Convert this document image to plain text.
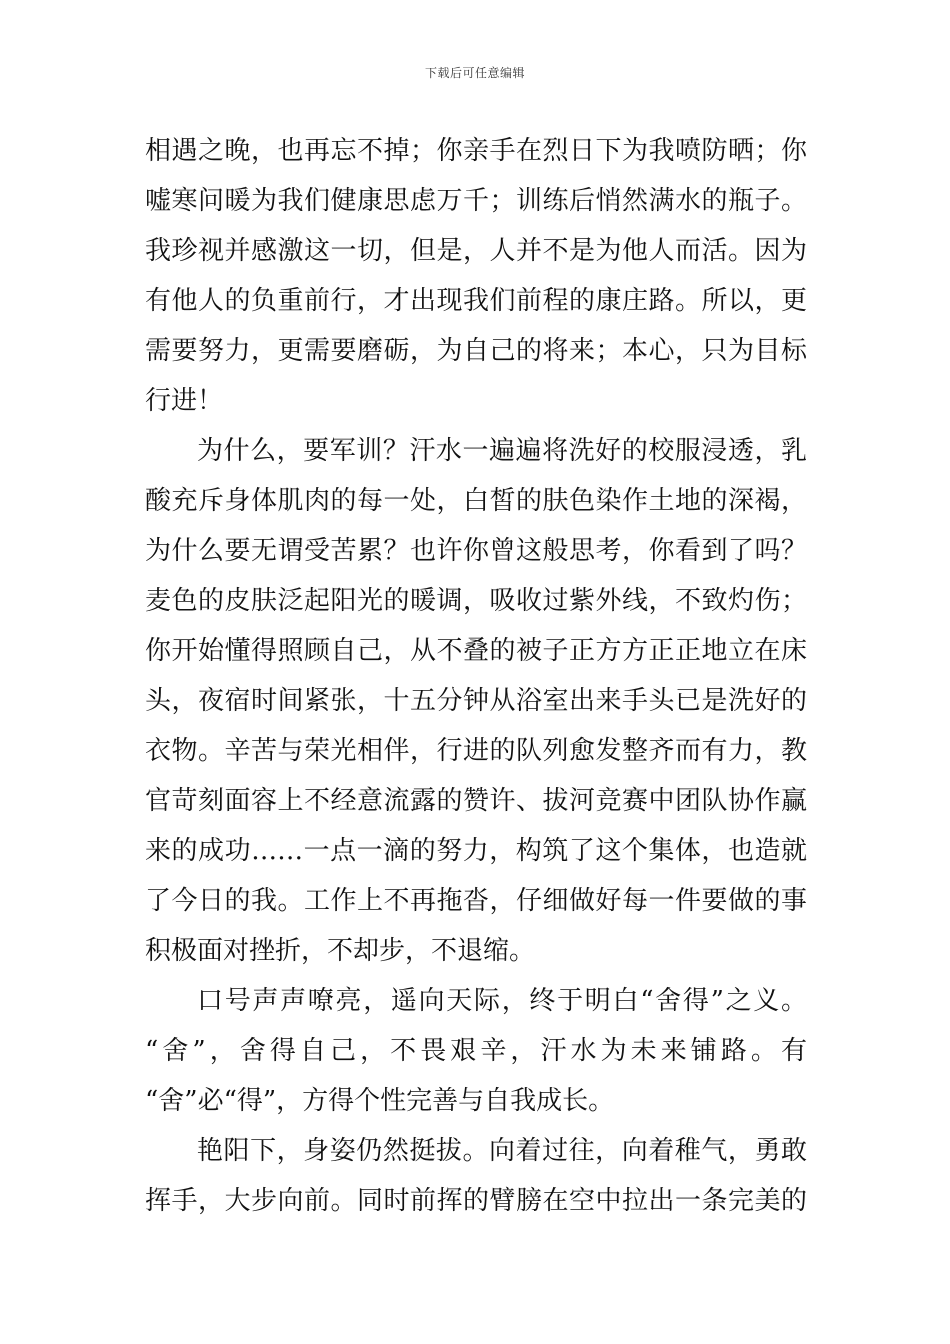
下载后可任意编辑
相遇之晚，也再忘不掉；你亲手在烈日下为我喷防晒；你
嘘寒问暖为我们健康思虑万千；训练后悄然满水的瓶子。
我珍视并感激这一切，但是，人并不是为他人而活。因为
有他人的负重前行，才出现我们前程的康庄路。所以，更
需要努力，更需要磨砺，为自己的将来；本心，只为目标
行进！
为什么，要军训？汗水一遍遍将洗好的校服浸透，乳
酸充斥身体肌肉的每一处，白皙的肤色染作土地的深褐，
为什么要无谓受苦累？也许你曾这般思考，你看到了吗？
麦色的皮肤泛起阳光的暖调，吸收过紫外线，不致灼伤；
你开始懂得照顾自己，从不叠的被子正方方正正地立在床
头，夜宿时间紧张，十五分钟从浴室出来手头已是洗好的
衣物。辛苦与荣光相伴，行进的队列愈发整齐而有力，教
官苛刻面容上不经意流露的赞许、拔河竞赛中团队协作赢
来的成功……一点一滴的努力，构筑了这个集体，也造就
了今日的我。工作上不再拖沓，仔细做好每一件要做的事
积极面对挫折，不却步，不退缩。
口号声声嘹亮，遥向天际，终于明白“舍得”之义。
“舍”，舍得自己，不畏艰辛，汗水为未来铺路。有
“舍”必“得”，方得个性完善与自我成长。
艳阳下，身姿仍然挺拔。向着过往，向着稚气，勇敢
挥手，大步向前。同时前挥的臂膀在空中拉出一条完美的
